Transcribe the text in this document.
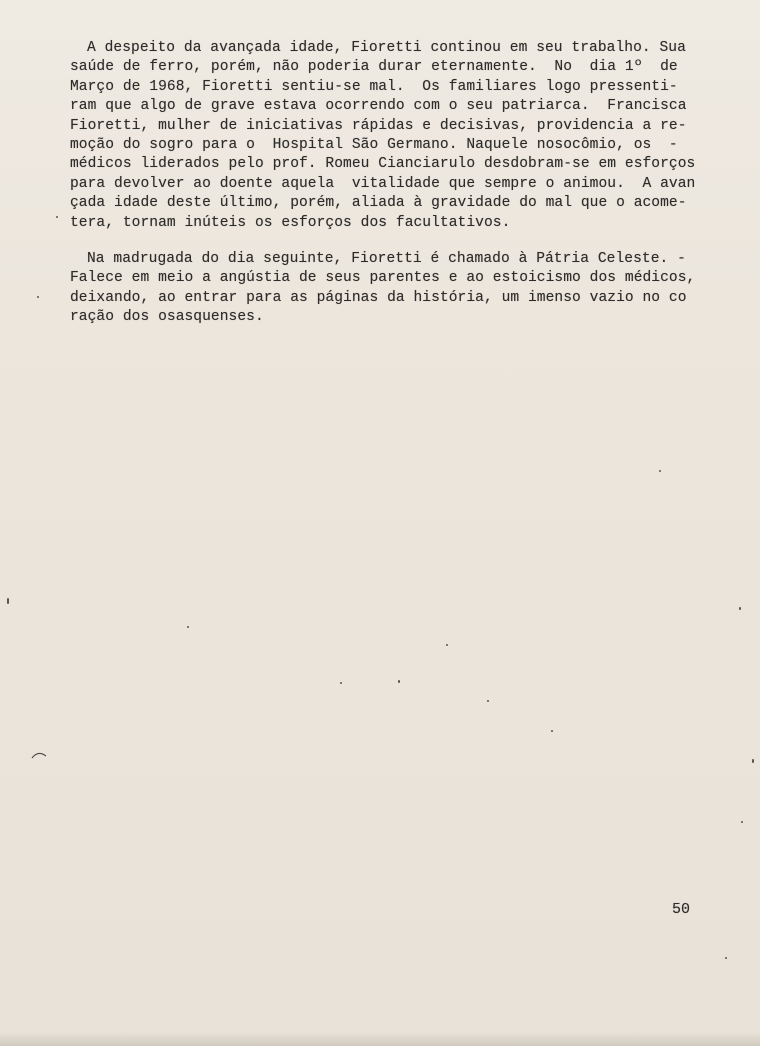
A despeito da avançada idade, Fioretti continou em seu trabalho. Sua
saúde de ferro, porém, não poderia durar eternamente.  No  dia 1º  de
Março de 1968, Fioretti sentiu-se mal.  Os familiares logo pressenti-
ram que algo de grave estava ocorrendo com o seu patriarca.  Francisca
Fioretti, mulher de iniciativas rápidas e decisivas, providencia a re-
moção do sogro para o  Hospital São Germano. Naquele nosocômio, os  -
médicos liderados pelo prof. Romeu Cianciarulo desdobram-se em esforços
para devolver ao doente aquela  vitalidade que sempre o animou.  A avan
çada idade deste último, porém, aliada à gravidade do mal que o acome-
tera, tornam inúteis os esforços dos facultativos.
Na madrugada do dia seguinte, Fioretti é chamado à Pátria Celeste. -
Falece em meio a angústia de seus parentes e ao estoicismo dos médicos,
deixando, ao entrar para as páginas da história, um imenso vazio no co
ração dos osasquenses.
50
